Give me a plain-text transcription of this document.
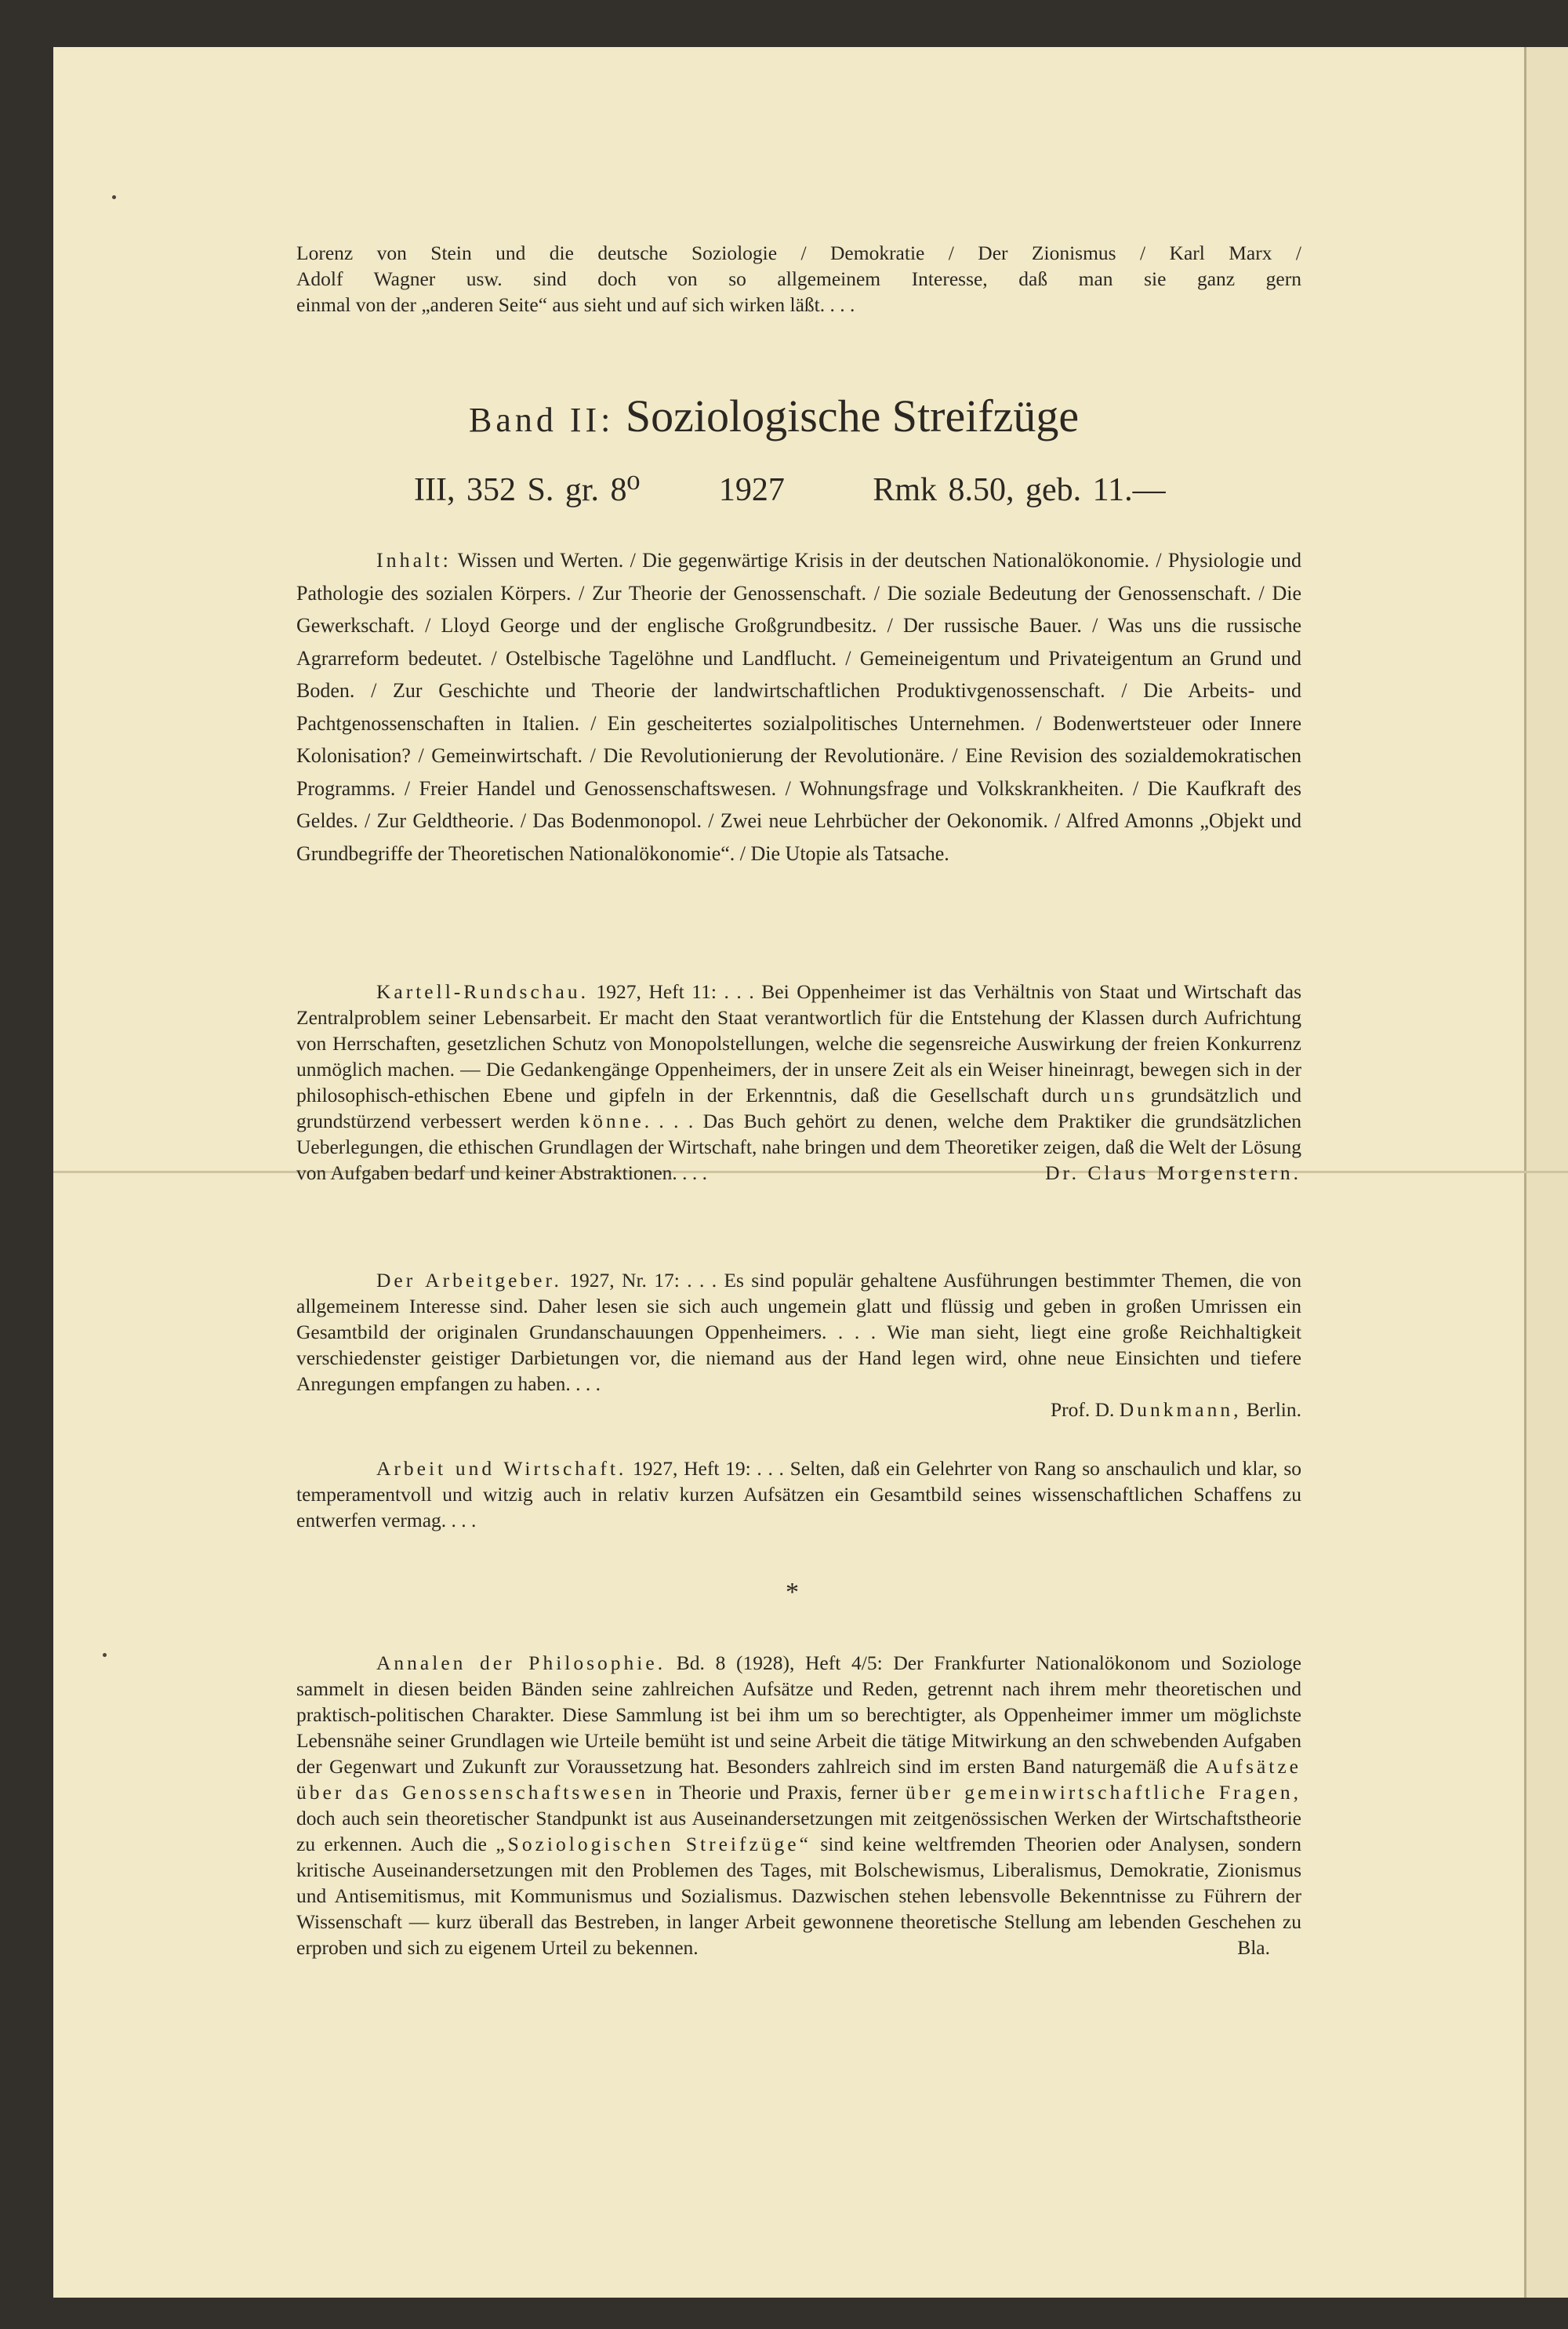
Lorenz von Stein und die deutsche Soziologie / Demokratie / Der Zionismus / Karl Marx /

Adolf Wagner usw. sind doch von so allgemeinem Interesse, daß man sie ganz gern

einmal von der „anderen Seite“ aus sieht und auf sich wirken läßt. . . .

Band II: Soziologische Streifzüge
III, 352 S. gr. 8⁰ 1927	Rmk 8.50, geb. 11.—

Inhalt: Wissen und Werten. / Die gegenwärtige Krisis in der deutschen Nationalökonomie. / Physiologie und Pathologie des sozialen Körpers. / Zur Theorie der Genossenschaft. / Die soziale Bedeutung der Genossenschaft. / Die Gewerkschaft. / Lloyd George und der englische Großgrundbesitz. / Der russische Bauer. / Was uns die russische Agrarreform bedeutet. / Ostelbische Tagelöhne und Landflucht. / Gemeineigentum und Privateigentum an Grund und Boden. / Zur Geschichte und Theorie der landwirtschaftlichen Produktivgenossenschaft. / Die Arbeits- und Pachtgenossenschaften in Italien. / Ein gescheitertes sozialpolitisches Unternehmen. / Bodenwertsteuer oder Innere Kolonisation? / Gemeinwirtschaft. / Die Revolutionierung der Revolutionäre. / Eine Revision des sozialdemokratischen Programms. / Freier Handel und Genossenschaftswesen. / Wohnungsfrage und Volkskrankheiten. / Die Kaufkraft des Geldes. / Zur Geldtheorie. / Das Bodenmonopol. / Zwei neue Lehrbücher der Oekonomik. / Alfred Amonns „Objekt und Grundbegriffe der Theoretischen Nationalökonomie“. / Die Utopie als Tatsache.

Kartell-Rundschau. 1927, Heft 11: . . . Bei Oppenheimer ist das Verhältnis von Staat und Wirtschaft das Zentralproblem seiner Lebensarbeit. Er macht den Staat verantwortlich für die Entstehung der Klassen durch Aufrichtung von Herrschaften, gesetzlichen Schutz von Monopolstellungen, welche die segensreiche Auswirkung der freien Konkurrenz unmöglich machen. — Die Gedankengänge Oppenheimers, der in unsere Zeit als ein Weiser hineinragt, bewegen sich in der philosophisch-ethischen Ebene und gipfeln in der Erkenntnis, daß die Gesellschaft durch uns grundsätzlich und grundstürzend verbessert werden könne. . . . Das Buch gehört zu denen, welche dem Praktiker die grundsätzlichen Ueberlegungen, die ethischen Grundlagen der Wirtschaft, nahe bringen und dem Theoretiker zeigen, daß die Welt der Lösung von Aufgaben bedarf und keiner Abstraktionen. . . .	Dr. Claus Morgenstern.

Der Arbeitgeber. 1927, Nr. 17: . . . Es sind populär gehaltene Ausführungen bestimmter Themen, die von allgemeinem Interesse sind. Daher lesen sie sich auch ungemein glatt und flüssig und geben in großen Umrissen ein Gesamtbild der originalen Grundanschauungen Oppenheimers. . . . Wie man sieht, liegt eine große Reichhaltigkeit verschiedenster geistiger Darbietungen vor, die niemand aus der Hand legen wird, ohne neue Einsichten und tiefere Anregungen empfangen zu haben. . . .

Prof. D. Dunkmann, Berlin.

Arbeit und Wirtschaft. 1927, Heft 19: . . . Selten, daß ein Gelehrter von Rang so anschaulich und klar, so temperamentvoll und witzig auch in relativ kurzen Aufsätzen ein Gesamtbild seines wissenschaftlichen Schaffens zu entwerfen vermag. . . .

*

Annalen der Philosophie. Bd. 8 (1928), Heft 4/5: Der Frankfurter Nationalökonom und Soziologe sammelt in diesen beiden Bänden seine zahlreichen Aufsätze und Reden, getrennt nach ihrem mehr theoretischen und praktisch-politischen Charakter. Diese Sammlung ist bei ihm um so berechtigter, als Oppenheimer immer um möglichste Lebensnähe seiner Grundlagen wie Urteile bemüht ist und seine Arbeit die tätige Mitwirkung an den schwebenden Aufgaben der Gegenwart und Zukunft zur Voraussetzung hat. Besonders zahlreich sind im ersten Band naturgemäß die Aufsätze über das Genossenschaftswesen in Theorie und Praxis, ferner über gemeinwirtschaftliche Fragen, doch auch sein theoretischer Standpunkt ist aus Auseinandersetzungen mit zeitgenössischen Werken der Wirtschaftstheorie zu erkennen. Auch die „Soziologischen Streifzüge“ sind keine weltfremden Theorien oder Analysen, sondern kritische Auseinandersetzungen mit den Problemen des Tages, mit Bolschewismus, Liberalismus, Demokratie, Zionismus und Antisemitismus, mit Kommunismus und Sozialismus. Dazwischen stehen lebensvolle Bekenntnisse zu Führern der Wissenschaft — kurz überall das Bestreben, in langer Arbeit gewonnene theoretische Stellung am lebenden Geschehen zu erproben und sich zu eigenem Urteil zu bekennen.	Bla.
